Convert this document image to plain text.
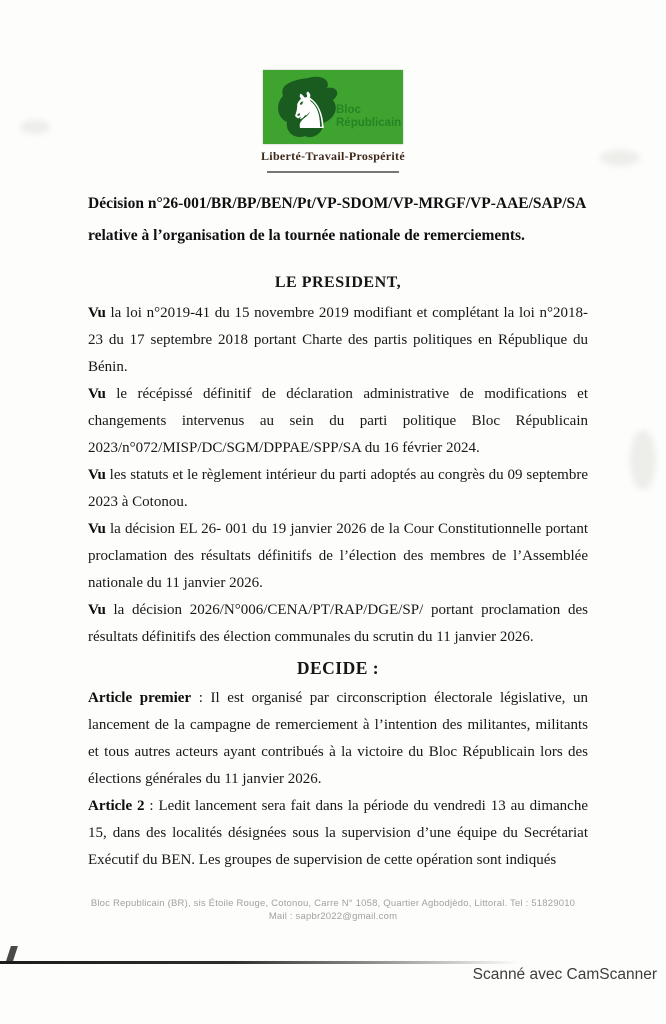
♞ Bloc
Républicain
Liberté-Travail-Prospérité
Décision n°26-001/BR/BP/BEN/Pt/VP-SDOM/VP-MRGF/VP-AAE/SAP/SA
relative à l’organisation de la tournée nationale de remerciements.
LE PRESIDENT,

Vu la loi n°2019-41 du 15 novembre 2019 modifiant et complétant la loi n°2018-23 du 17 septembre 2018 portant Charte des partis politiques en République du Bénin.

Vu le récépissé définitif de déclaration administrative de modifications et changements intervenus au sein du parti politique Bloc Républicain 2023/n°072/MISP/DC/SGM/DPPAE/SPP/SA du 16 février 2024.

Vu les statuts et le règlement intérieur du parti adoptés au congrès du 09 septembre 2023 à Cotonou.

Vu la décision EL 26- 001 du 19 janvier 2026 de la Cour Constitutionnelle portant proclamation des résultats définitifs de l’élection des membres de l’Assemblée nationale du 11 janvier 2026.

Vu la décision 2026/N°006/CENA/PT/RAP/DGE/SP/ portant proclamation des résultats définitifs des élection communales du scrutin du 11 janvier 2026.

DECIDE :

Article premier : Il est organisé par circonscription électorale législative, un lancement de la campagne de remerciement à l’intention des militantes, militants et tous autres acteurs ayant contribués à la victoire du Bloc Républicain lors des élections générales du 11 janvier 2026.

Article 2 : Ledit lancement sera fait dans la période du vendredi 13 au dimanche 15, dans des localités désignées sous la supervision d’une équipe du Secrétariat Exécutif du BEN. Les groupes de supervision de cette opération sont indiqués

Bloc Republicain (BR), sis Étoile Rouge, Cotonou, Carre N° 1058, Quartier Agbodjèdo, Littoral. Tel : 51829010
Mail : sapbr2022@gmail.com
Scanné avec CamScanner
